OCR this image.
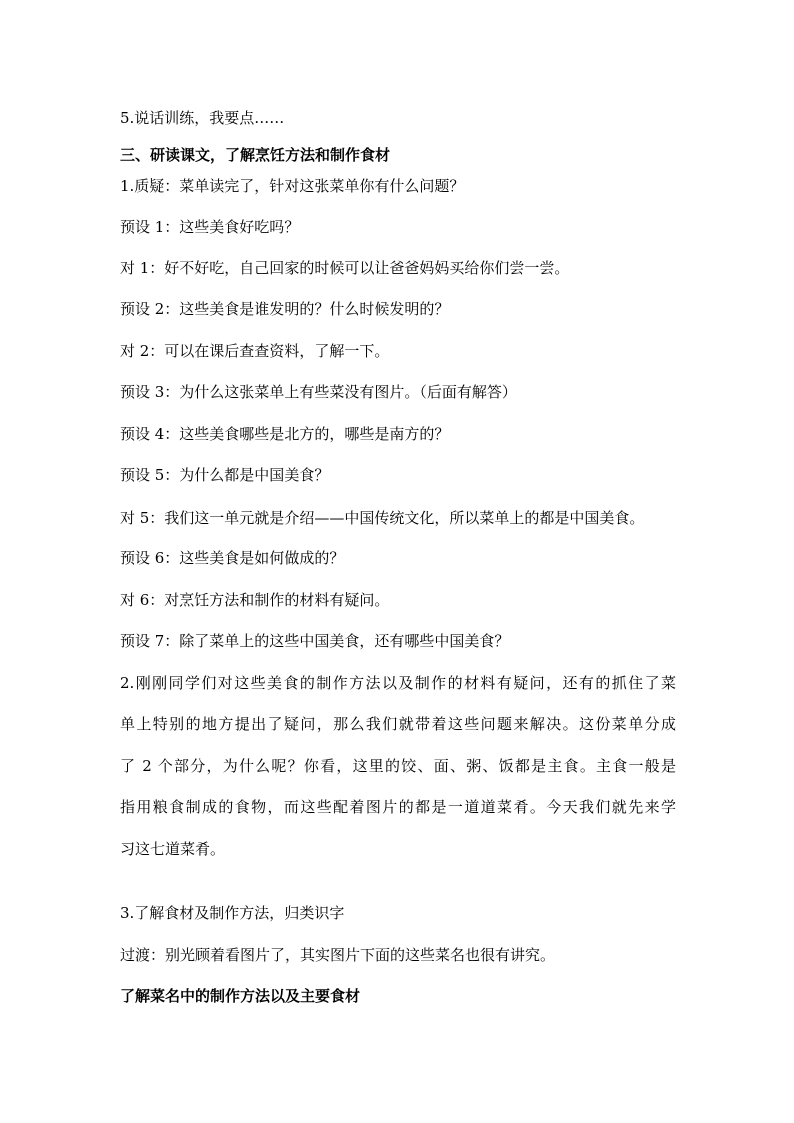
5.说话训练，我要点……
三、研读课文，了解烹饪方法和制作食材
1.质疑：菜单读完了，针对这张菜单你有什么问题？
预设 1：这些美食好吃吗？
对 1：好不好吃，自己回家的时候可以让爸爸妈妈买给你们尝一尝。
预设 2：这些美食是谁发明的？什么时候发明的？
对 2：可以在课后查查资料，了解一下。
预设 3：为什么这张菜单上有些菜没有图片。（后面有解答）
预设 4：这些美食哪些是北方的，哪些是南方的？
预设 5：为什么都是中国美食？
对 5：我们这一单元就是介绍——中国传统文化，所以菜单上的都是中国美食。
预设 6：这些美食是如何做成的？
对 6：对烹饪方法和制作的材料有疑问。
预设 7：除了菜单上的这些中国美食，还有哪些中国美食？
2.刚刚同学们对这些美食的制作方法以及制作的材料有疑问，还有的抓住了菜
单上特别的地方提出了疑问，那么我们就带着这些问题来解决。这份菜单分成
了 2 个部分，为什么呢？你看，这里的饺、面、粥、饭都是主食。主食一般是
指用粮食制成的食物，而这些配着图片的都是一道道菜肴。今天我们就先来学
习这七道菜肴。
3.了解食材及制作方法，归类识字
过渡：别光顾着看图片了，其实图片下面的这些菜名也很有讲究。
了解菜名中的制作方法以及主要食材
